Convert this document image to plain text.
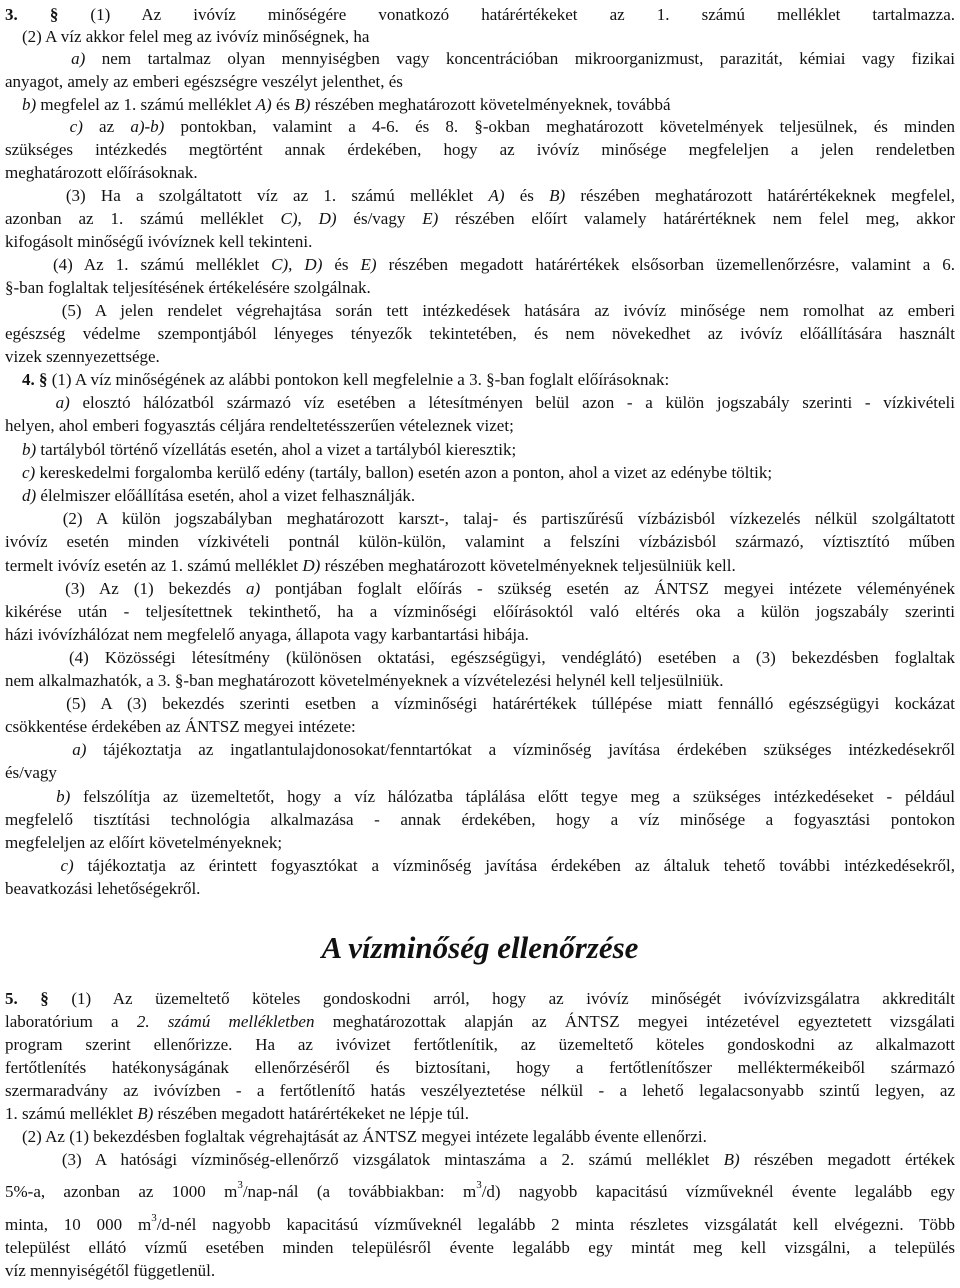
A vízminőség ellenőrzése
3. § (1) Az ivóvíz minőségére vonatkozó határértékeket az 1. számú melléklet tartalmazza.
(2) A víz akkor felel meg az ivóvíz minőségnek, ha
a) nem tartalmaz olyan mennyiségben vagy koncentrációban mikroorganizmust, parazitát, kémiai vagy fizikai
anyagot, amely az emberi egészségre veszélyt jelenthet, és
b) megfelel az 1. számú melléklet A) és B) részében meghatározott követelményeknek, továbbá
c) az a)-b) pontokban, valamint a 4-6. és 8. §-okban meghatározott követelmények teljesülnek, és minden
szükséges intézkedés megtörtént annak érdekében, hogy az ivóvíz minősége megfeleljen a jelen rendeletben
meghatározott előírásoknak.
(3) Ha a szolgáltatott víz az 1. számú melléklet A) és B) részében meghatározott határértékeknek megfelel,
azonban az 1. számú melléklet C), D) és/vagy E) részében előírt valamely határértéknek nem felel meg, akkor
kifogásolt minőségű ivóvíznek kell tekinteni.
(4) Az 1. számú melléklet C), D) és E) részében megadott határértékek elsősorban üzemellenőrzésre, valamint a 6.
§-ban foglaltak teljesítésének értékelésére szolgálnak.
(5) A jelen rendelet végrehajtása során tett intézkedések hatására az ivóvíz minősége nem romolhat az emberi
egészség védelme szempontjából lényeges tényezők tekintetében, és nem növekedhet az ivóvíz előállítására használt
vizek szennyezettsége.
4. § (1) A víz minőségének az alábbi pontokon kell megfelelnie a 3. §-ban foglalt előírásoknak:
a) elosztó hálózatból származó víz esetében a létesítményen belül azon - a külön jogszabály szerinti - vízkivételi
helyen, ahol emberi fogyasztás céljára rendeltetésszerűen vételeznek vizet;
b) tartályból történő vízellátás esetén, ahol a vizet a tartályból kieresztik;
c) kereskedelmi forgalomba kerülő edény (tartály, ballon) esetén azon a ponton, ahol a vizet az edénybe töltik;
d) élelmiszer előállítása esetén, ahol a vizet felhasználják.
(2) A külön jogszabályban meghatározott karszt-, talaj- és partiszűrésű vízbázisból vízkezelés nélkül szolgáltatott
ivóvíz esetén minden vízkivételi pontnál külön-külön, valamint a felszíni vízbázisból származó, víztisztító műben
termelt ivóvíz esetén az 1. számú melléklet D) részében meghatározott követelményeknek teljesülniük kell.
(3) Az (1) bekezdés a) pontjában foglalt előírás - szükség esetén az ÁNTSZ megyei intézete véleményének
kikérése után - teljesítettnek tekinthető, ha a vízminőségi előírásoktól való eltérés oka a külön jogszabály szerinti
házi ivóvízhálózat nem megfelelő anyaga, állapota vagy karbantartási hibája.
(4) Közösségi létesítmény (különösen oktatási, egészségügyi, vendéglátó) esetében a (3) bekezdésben foglaltak
nem alkalmazhatók, a 3. §-ban meghatározott követelményeknek a vízvételezési helynél kell teljesülniük.
(5) A (3) bekezdés szerinti esetben a vízminőségi határértékek túllépése miatt fennálló egészségügyi kockázat
csökkentése érdekében az ÁNTSZ megyei intézete:
a) tájékoztatja az ingatlantulajdonosokat/fenntartókat a vízminőség javítása érdekében szükséges intézkedésekről
és/vagy
b) felszólítja az üzemeltetőt, hogy a víz hálózatba táplálása előtt tegye meg a szükséges intézkedéseket - például
megfelelő tisztítási technológia alkalmazása - annak érdekében, hogy a víz minősége a fogyasztási pontokon
megfeleljen az előírt követelményeknek;
c) tájékoztatja az érintett fogyasztókat a vízminőség javítása érdekében az általuk tehető további intézkedésekről,
beavatkozási lehetőségekről.
5. § (1) Az üzemeltető köteles gondoskodni arról, hogy az ivóvíz minőségét ivóvízvizsgálatra akkreditált
laboratórium a 2. számú mellékletben meghatározottak alapján az ÁNTSZ megyei intézetével egyeztetett vizsgálati
program szerint ellenőrizze. Ha az ivóvizet fertőtlenítik, az üzemeltető köteles gondoskodni az alkalmazott
fertőtlenítés hatékonyságának ellenőrzéséről és biztosítani, hogy a fertőtlenítőszer melléktermékeiből származó
szermaradvány az ivóvízben - a fertőtlenítő hatás veszélyeztetése nélkül - a lehető legalacsonyabb szintű legyen, az
1. számú melléklet B) részében megadott határértékeket ne lépje túl.
(2) Az (1) bekezdésben foglaltak végrehajtását az ÁNTSZ megyei intézete legalább évente ellenőrzi.
(3) A hatósági vízminőség-ellenőrző vizsgálatok mintaszáma a 2. számú melléklet B) részében megadott értékek
5%-a, azonban az 1000 $m^3/nap$-nál (a továbbiakban: $m^3/d$) nagyobb kapacitású vízműveknél évente legalább egy
minta, 10 000 $m^3/d$-nél nagyobb kapacitású vízműveknél legalább 2 minta részletes vizsgálatát kell elvégezni. Több
települést ellátó vízmű esetében minden településről évente legalább egy mintát meg kell vizsgálni, a település
víz mennyiségétől függetlenül.
